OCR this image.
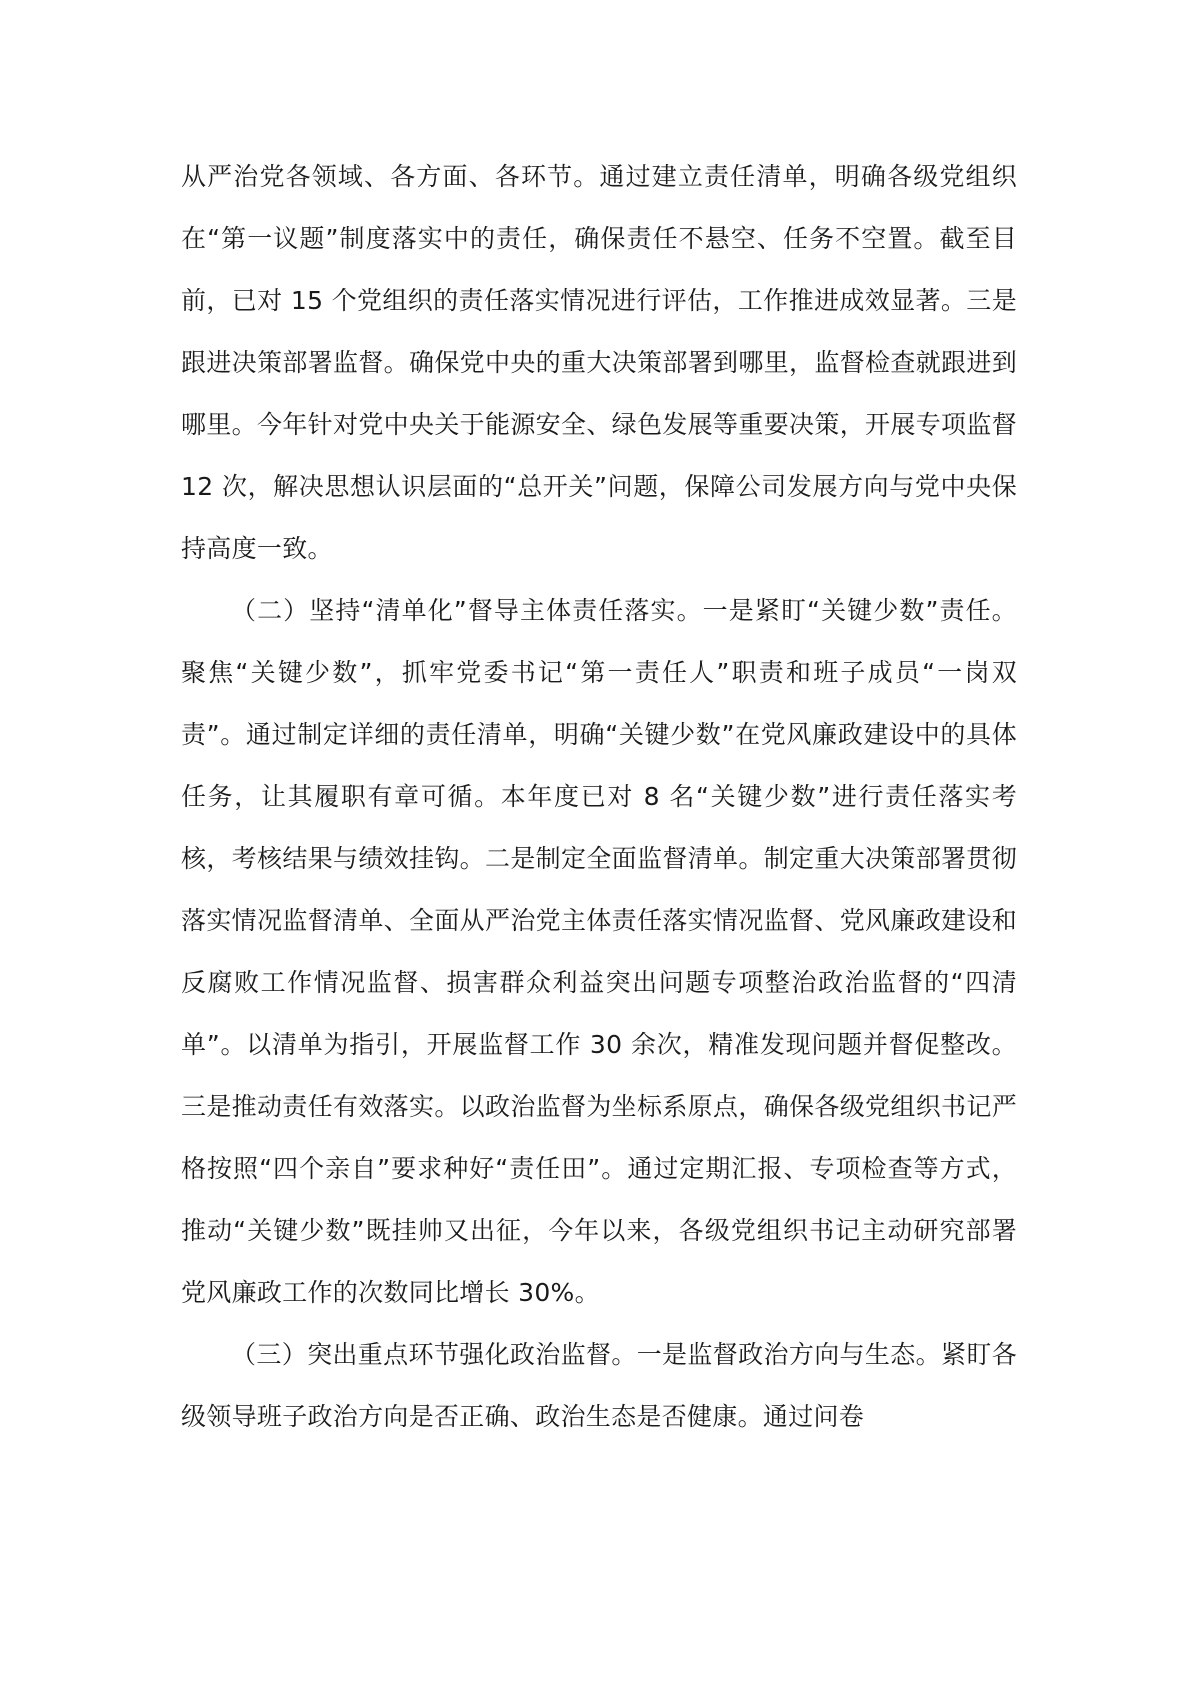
从严治党各领域、各方面、各环节。通过建立责任清单，明确各级党组织在“第一议题”制度落实中的责任，确保责任不悬空、任务不空置。截至目前，已对 15 个党组织的责任落实情况进行评估，工作推进成效显著。三是跟进决策部署监督。确保党中央的重大决策部署到哪里，监督检查就跟进到哪里。今年针对党中央关于能源安全、绿色发展等重要决策，开展专项监督 12 次，解决思想认识层面的“总开关”问题，保障公司发展方向与党中央保持高度一致。

（二）坚持“清单化”督导主体责任落实。一是紧盯“关键少数”责任。聚焦“关键少数”，抓牢党委书记“第一责任人”职责和班子成员“一岗双责”。通过制定详细的责任清单，明确“关键少数”在党风廉政建设中的具体任务，让其履职有章可循。本年度已对 8 名“关键少数”进行责任落实考核，考核结果与绩效挂钩。二是制定全面监督清单。制定重大决策部署贯彻落实情况监督清单、全面从严治党主体责任落实情况监督、党风廉政建设和反腐败工作情况监督、损害群众利益突出问题专项整治政治监督的“四清单”。以清单为指引，开展监督工作 30 余次，精准发现问题并督促整改。三是推动责任有效落实。以政治监督为坐标系原点，确保各级党组织书记严格按照“四个亲自”要求种好“责任田”。通过定期汇报、专项检查等方式，推动“关键少数”既挂帅又出征，今年以来，各级党组织书记主动研究部署党风廉政工作的次数同比增长 30%。

（三）突出重点环节强化政治监督。一是监督政治方向与生态。紧盯各级领导班子政治方向是否正确、政治生态是否健康。通过问卷
